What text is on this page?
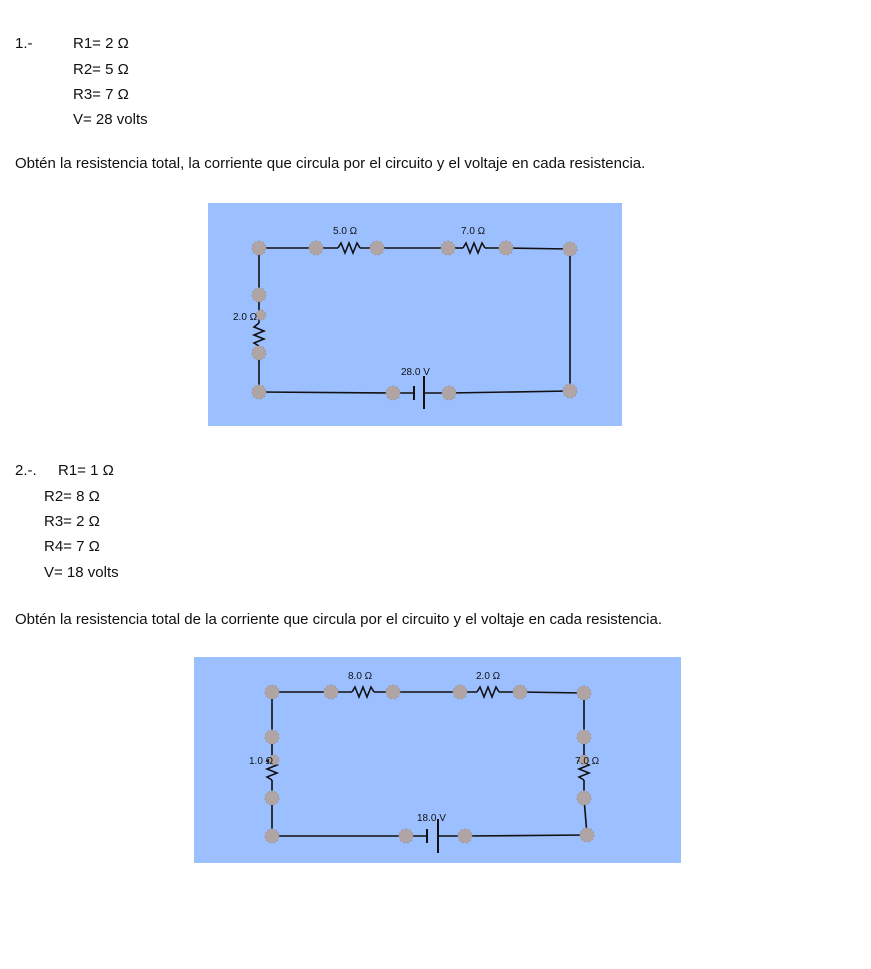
1.-	R1= 2 Ω
R2= 5 Ω
R3= 7 Ω
V= 28 volts
Obtén la resistencia total, la corriente que circula por el circuito y el voltaje en cada resistencia.
5.0 Ω	7.0 Ω
2.0 Ω
28.0 V
2.-. R1= 1 Ω
R2= 8 Ω
R3= 2 Ω
R4= 7 Ω
V= 18 volts
Obtén la resistencia total de la corriente que circula por el circuito y el voltaje en cada resistencia.
8.0 Ω	2.0 Ω
1.0 Ω	7.0 Ω
18.0 V
